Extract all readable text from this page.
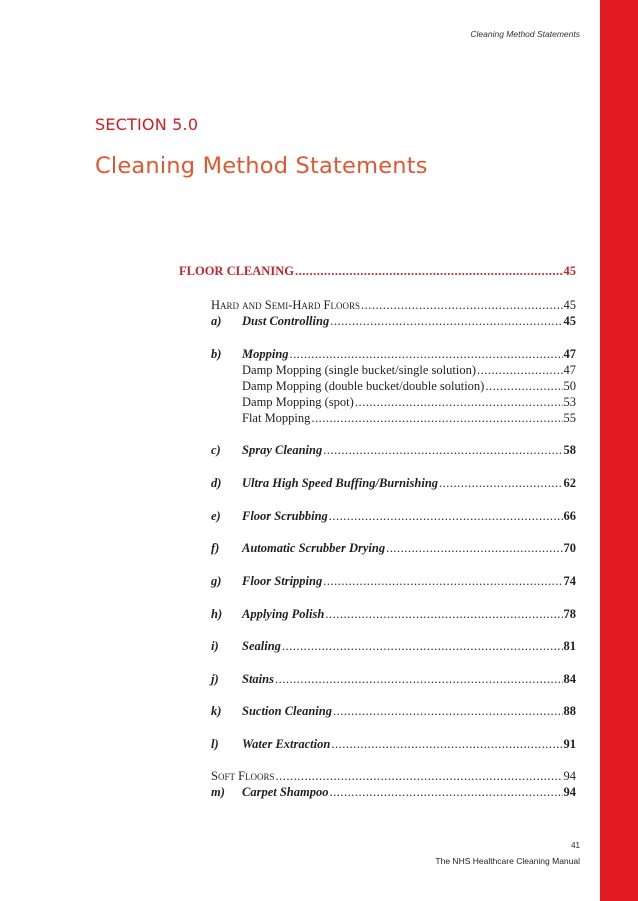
Cleaning Method Statements
SECTION 5.0
Cleaning Method Statements
FLOOR CLEANING .....	45
Hard and Semi-Hard Floors .....	45
a)	Dust Controlling .....	45
b)	Mopping .....	47
Damp Mopping (single bucket/single solution) .....	47
Damp Mopping (double bucket/double solution) .....	50
Damp Mopping (spot) .....	53
Flat Mopping .....	55
c)	Spray Cleaning .....	58
d)	Ultra High Speed Buffing/Burnishing .....	62
e)	Floor Scrubbing .....	66
f)	Automatic Scrubber Drying .....	70
g)	Floor Stripping .....	74
h)	Applying Polish .....	78
i)	Sealing .....	81
j)	Stains .....	84
k)	Suction Cleaning .....	88
l)	Water Extraction .....	91
Soft Floors .....	94
m)	Carpet Shampoo .....	94
41
The NHS Healthcare Cleaning Manual
